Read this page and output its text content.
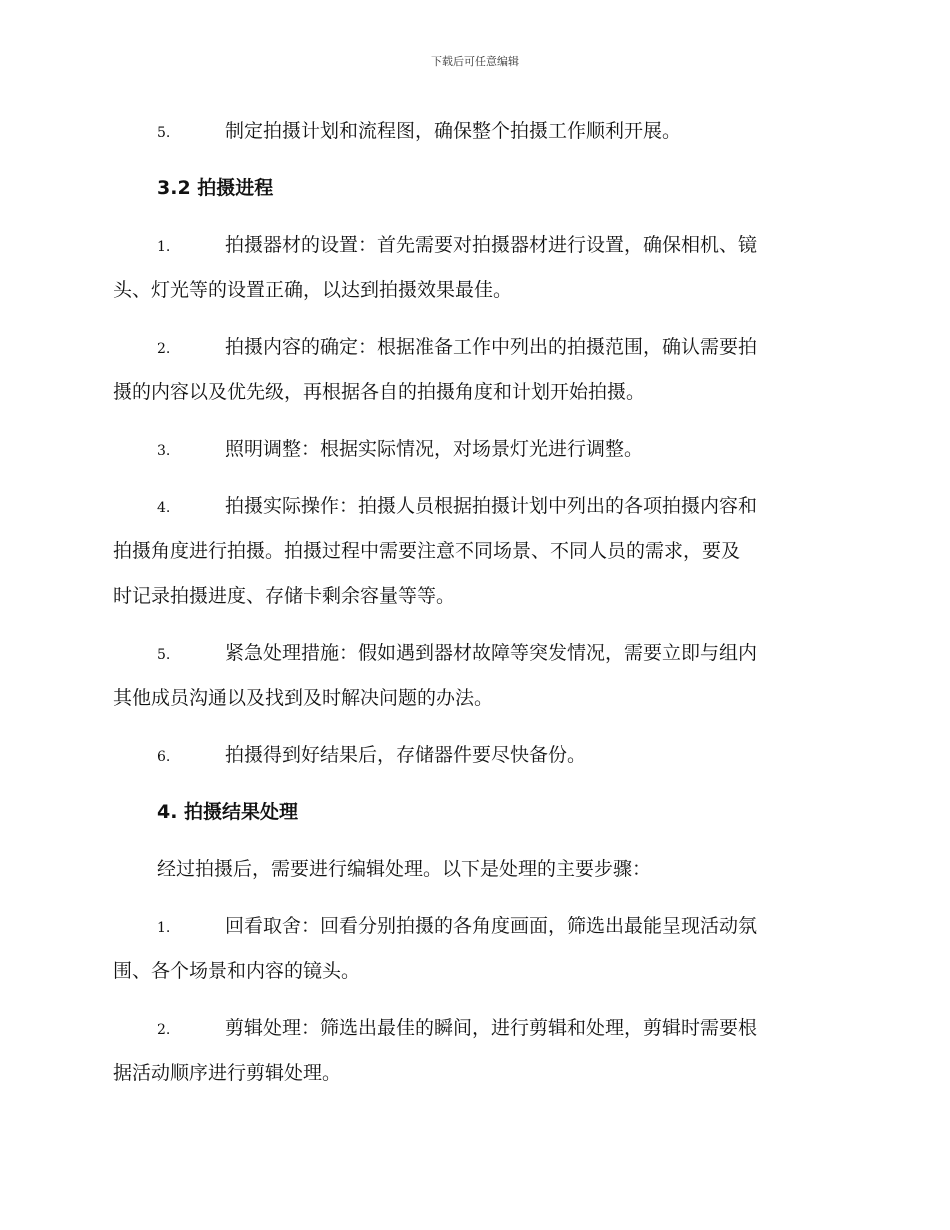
下载后可任意编辑
5.	制定拍摄计划和流程图，确保整个拍摄工作顺利开展。
3.2 拍摄进程
1.	拍摄器材的设置：首先需要对拍摄器材进行设置，确保相机、镜
头、灯光等的设置正确，以达到拍摄效果最佳。
2.	拍摄内容的确定：根据准备工作中列出的拍摄范围，确认需要拍
摄的内容以及优先级，再根据各自的拍摄角度和计划开始拍摄。
3.	照明调整：根据实际情况，对场景灯光进行调整。
4.	拍摄实际操作：拍摄人员根据拍摄计划中列出的各项拍摄内容和
拍摄角度进行拍摄。拍摄过程中需要注意不同场景、不同人员的需求，要及
时记录拍摄进度、存储卡剩余容量等等。
5.	紧急处理措施：假如遇到器材故障等突发情况，需要立即与组内
其他成员沟通以及找到及时解决问题的办法。
6.	拍摄得到好结果后，存储器件要尽快备份。
4. 拍摄结果处理
经过拍摄后，需要进行编辑处理。以下是处理的主要步骤：
1.	回看取舍：回看分别拍摄的各角度画面，筛选出最能呈现活动氛
围、各个场景和内容的镜头。
2.	剪辑处理：筛选出最佳的瞬间，进行剪辑和处理，剪辑时需要根
据活动顺序进行剪辑处理。
